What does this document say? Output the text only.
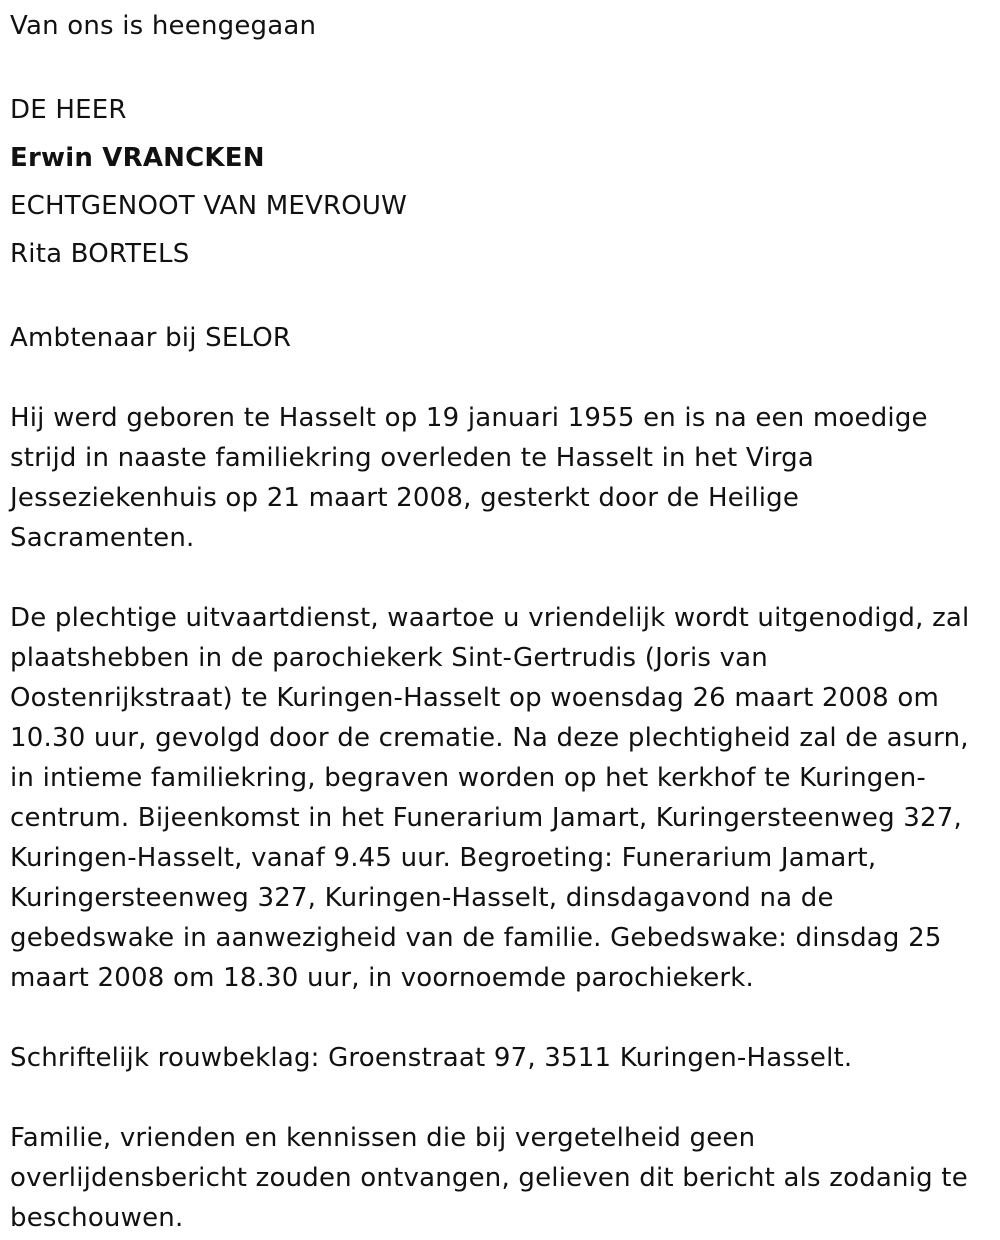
Van ons is heengegaan

DE HEER

Erwin VRANCKEN

ECHTGENOOT VAN MEVROUW

Rita BORTELS

Ambtenaar bij SELOR

Hij werd geboren te Hasselt op 19 januari 1955 en is na een moedige strijd in naaste familiekring overleden te Hasselt in het Virga Jesseziekenhuis op 21 maart 2008, gesterkt door de Heilige Sacramenten.

De plechtige uitvaartdienst, waartoe u vriendelijk wordt uitgenodigd, zal plaatshebben in de parochiekerk Sint-Gertrudis (Joris van Oostenrijkstraat) te Kuringen-Hasselt op woensdag 26 maart 2008 om 10.30 uur, gevolgd door de crematie. Na deze plechtigheid zal de asurn, in intieme familiekring, begraven worden op het kerkhof te Kuringen-centrum. Bijeenkomst in het Funerarium Jamart, Kuringersteenweg 327, Kuringen-Hasselt, vanaf 9.45 uur. Begroeting: Funerarium Jamart, Kuringersteenweg 327, Kuringen-Hasselt, dinsdagavond na de gebedswake in aanwezigheid van de familie. Gebedswake: dinsdag 25 maart 2008 om 18.30 uur, in voornoemde parochiekerk.

Schriftelijk rouwbeklag: Groenstraat 97, 3511 Kuringen-Hasselt.

Familie, vrienden en kennissen die bij vergetelheid geen overlijdensbericht zouden ontvangen, gelieven dit bericht als zodanig te beschouwen.
